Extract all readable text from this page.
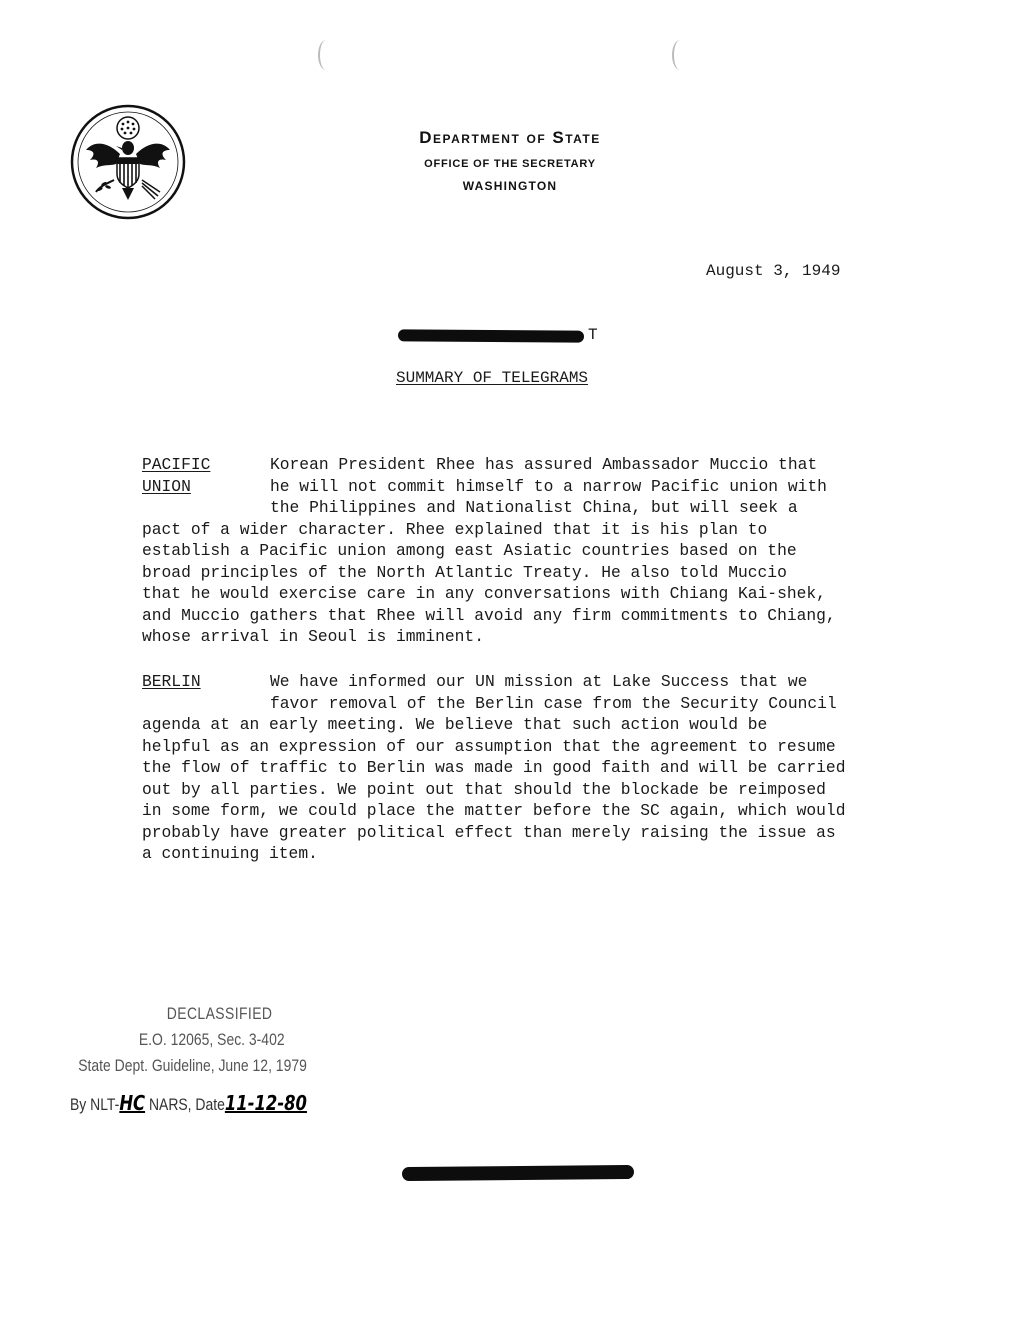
Department of State
OFFICE OF THE SECRETARY
WASHINGTON
August 3, 1949
T
SUMMARY OF TELEGRAMS
PACIFIC
UNION
Korean President Rhee has assured Ambassador Muccio that
he will not commit himself to a narrow Pacific union with
the Philippines and Nationalist China, but will seek a
pact of a wider character. Rhee explained that it is his plan to
establish a Pacific union among east Asiatic countries based on the
broad principles of the North Atlantic Treaty. He also told Muccio
that he would exercise care in any conversations with Chiang Kai-shek,
and Muccio gathers that Rhee will avoid any firm commitments to Chiang,
whose arrival in Seoul is imminent.
BERLIN	We have informed our UN mission at Lake Success that we
favor removal of the Berlin case from the Security Council
agenda at an early meeting. We believe that such action would be
helpful as an expression of our assumption that the agreement to resume
the flow of traffic to Berlin was made in good faith and will be carried
out by all parties. We point out that should the blockade be reimposed
in some form, we could place the matter before the SC again, which would
probably have greater political effect than merely raising the issue as
a continuing item.
DECLASSIFIED
E.O. 12065, Sec. 3-402
State Dept. Guideline, June 12, 1979
By NLT-HC NARS, Date11-12-80
